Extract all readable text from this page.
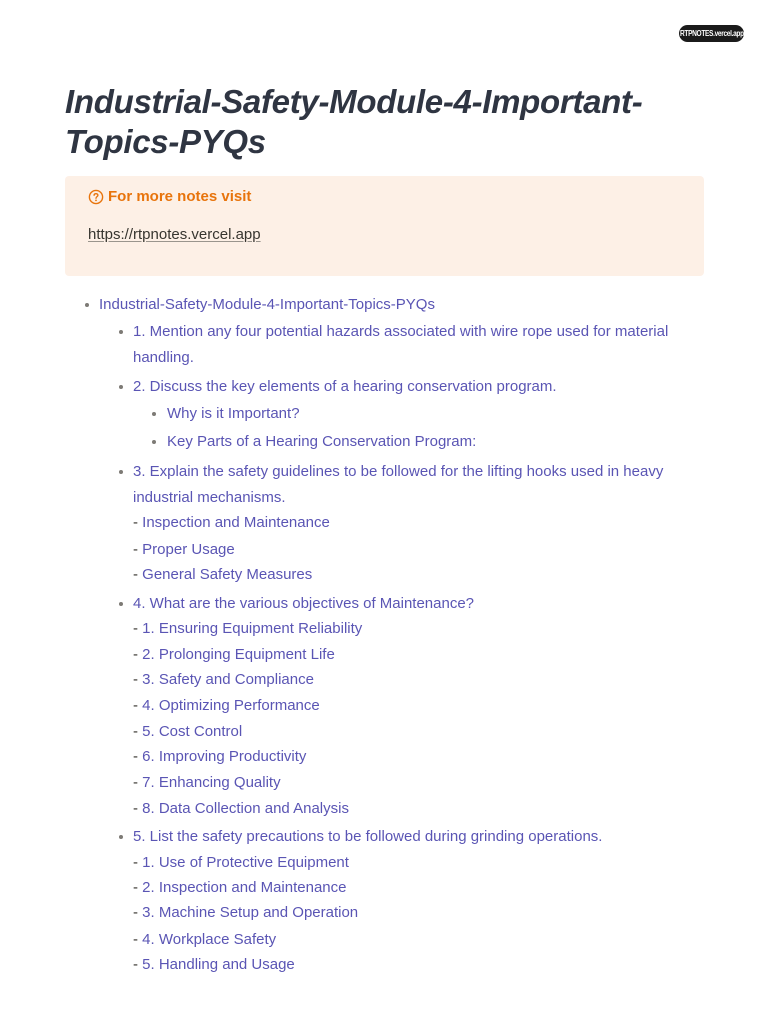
RTPNOTES.vercel.app
Industrial-Safety-Module-4-Important-Topics-PYQs
For more notes visit
https://rtpnotes.vercel.app
Industrial-Safety-Module-4-Important-Topics-PYQs
1. Mention any four potential hazards associated with wire rope used for material
handling.
2. Discuss the key elements of a hearing conservation program.
Why is it Important?
Key Parts of a Hearing Conservation Program:
3. Explain the safety guidelines to be followed for the lifting hooks used in heavy
industrial mechanisms.
- Inspection and Maintenance
- Proper Usage
- General Safety Measures
4. What are the various objectives of Maintenance?
- 1. Ensuring Equipment Reliability
- 2. Prolonging Equipment Life
- 3. Safety and Compliance
- 4. Optimizing Performance
- 5. Cost Control
- 6. Improving Productivity
- 7. Enhancing Quality
- 8. Data Collection and Analysis
5. List the safety precautions to be followed during grinding operations.
- 1. Use of Protective Equipment
- 2. Inspection and Maintenance
- 3. Machine Setup and Operation
- 4. Workplace Safety
- 5. Handling and Usage
